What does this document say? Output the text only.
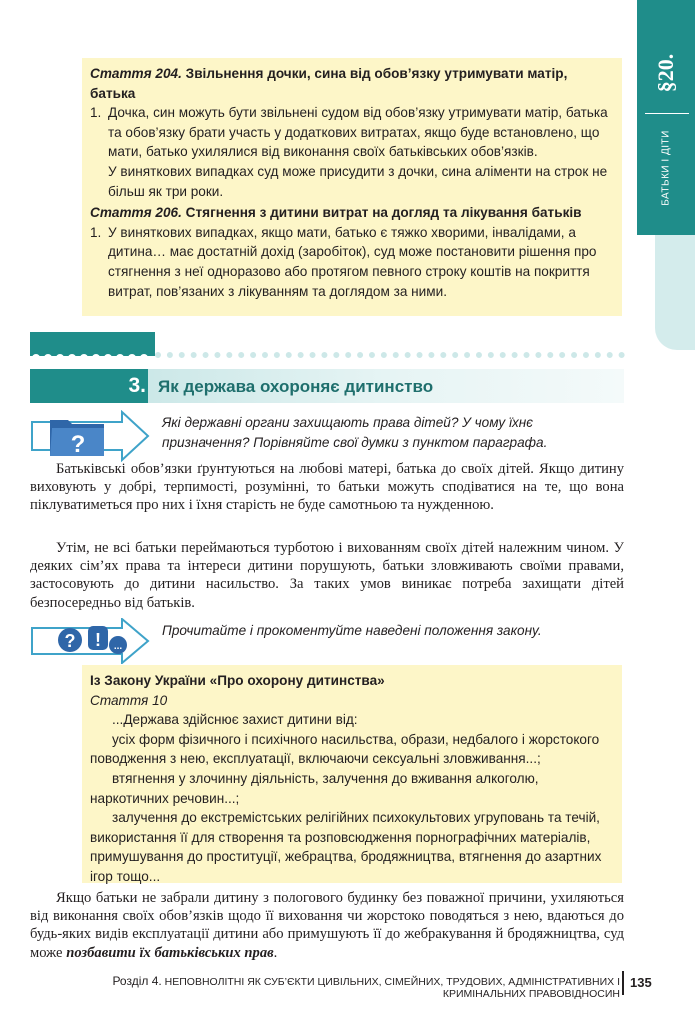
§20.
БАТЬКИ І ДІТИ
Стаття 204. Звільнення дочки, сина від обов’язку утримувати матір, батька
1. Дочка, син можуть бути звільнені судом від обов’язку утримувати матір, батька та обов’язку брати участь у додаткових витратах, якщо буде встановлено, що мати, батько ухилялися від виконання своїх батьківських обов’язків.
У виняткових випадках суд може присудити з дочки, сина аліменти на строк не більш як три роки.
Стаття 206. Стягнення з дитини витрат на догляд та лікування батьків
1. У виняткових випадках, якщо мати, батько є тяжко хворими, інвалідами, а дитина… має достатній дохід (заробіток), суд може постановити рішення про стягнення з неї одноразово або протягом певного строку коштів на покриття витрат, пов’язаних з лікуванням та доглядом за ними.
3. Як держава охороняє дитинство
?
Які державні органи захищають права дітей? У чому їхнє призначення? Порівняйте свої думки з пунктом параграфа.
Батьківські обов’язки ґрунтуються на любові матері, батька до своїх дітей. Якщо дитину виховують у добрі, терпимості, розумінні, то батьки можуть сподіватися на те, що вона піклуватиметься про них і їхня старість не буде самотньою та нужденною.
Утім, не всі батьки переймаються турботою і вихованням своїх дітей належним чином. У деяких сім’ях права та інтереси дитини порушують, батьки зловживають своїми правами, застосовують до дитини насильство. За таких умов виникає потреба захищати дітей безпосередньо від батьків.
? ! ...
Прочитайте і прокоментуйте наведені положення закону.
Із Закону України «Про охорону дитинства»
Стаття 10
...Держава здійснює захист дитини від:
усіх форм фізичного і психічного насильства, образи, недбалого і жорстокого поводження з нею, експлуатації, включаючи сексуальні зловживання...;
втягнення у злочинну діяльність, залучення до вживання алкоголю, наркотичних речовин...;
залучення до екстремістських релігійних психокультових угруповань та течій, використання її для створення та розповсюдження порнографічних матеріалів, примушування до проституції, жебрацтва, бродяжництва, втягнення до азартних ігор тощо...
Якщо батьки не забрали дитину з пологового будинку без поважної причини, ухиляються від виконання своїх обов’язків щодо її виховання чи жорстоко поводяться з нею, вдаються до будь-яких видів експлуатації дитини або примушують її до жебракування й бродяжництва, суд може позбавити їх батьківських прав.
Розділ 4. НЕПОВНОЛІТНІ ЯК СУБ’ЄКТИ ЦИВІЛЬНИХ, СІМЕЙНИХ, ТРУДОВИХ, АДМІНІСТРАТИВНИХ І КРИМІНАЛЬНИХ ПРАВОВІДНОСИН
135
